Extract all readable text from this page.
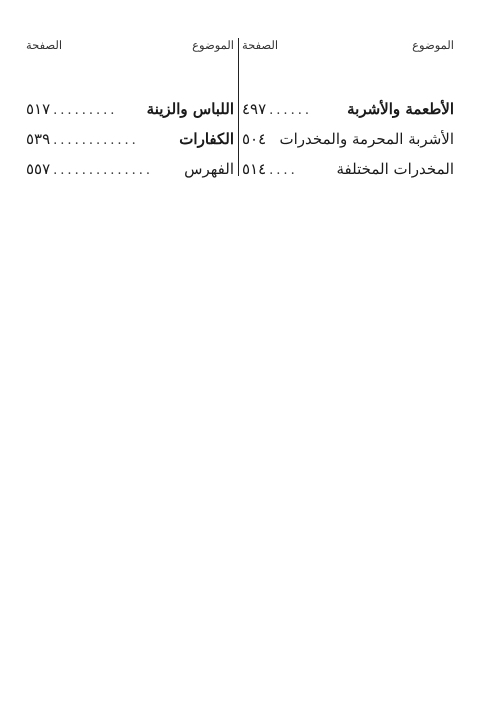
الموضوع
الصفحة
الأطعمة والأشربة
......
٤٩٧
الأشربة المحرمة والمخدرات
٥٠٤
المخدرات المختلفة
....
٥١٤
الموضوع
الصفحة
اللباس والزينة
.........
٥١٧
الكفارات
............
٥٣٩
الفهرس
..............
٥٥٧
